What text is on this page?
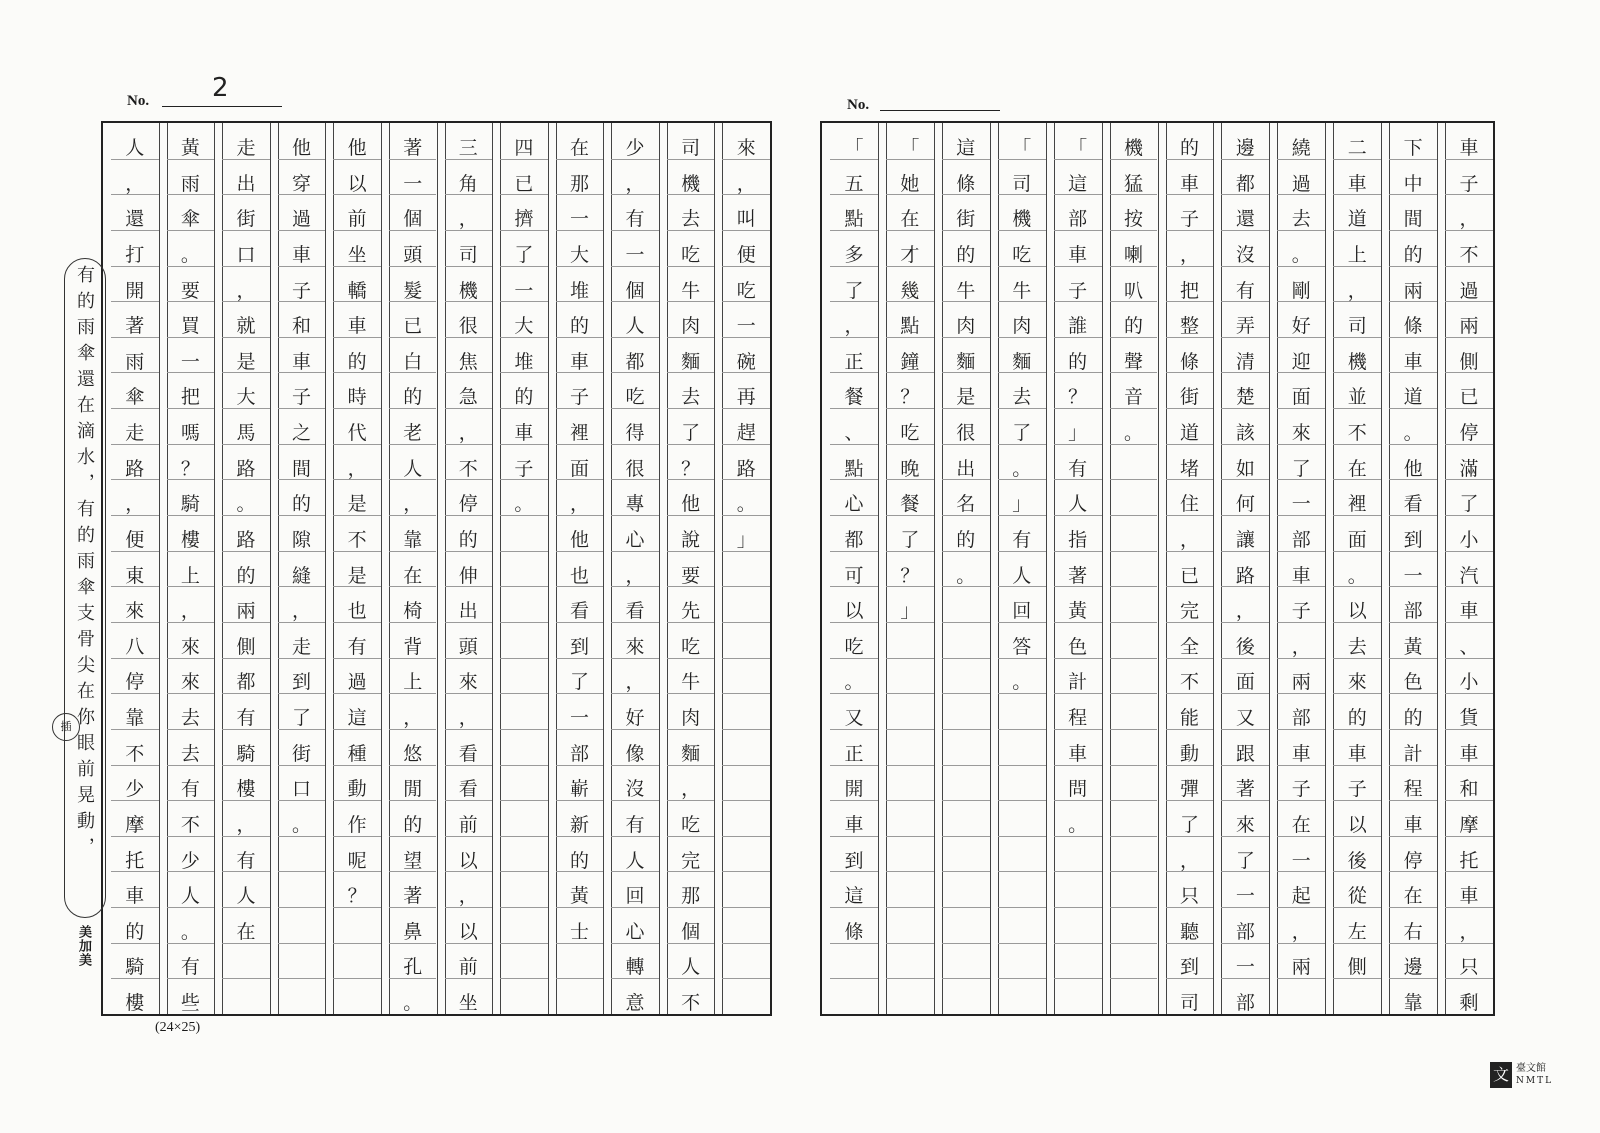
No. 2
來
，
叫
便
吃
一
碗
再
趕
路
。
」
司
機
去
吃
牛
肉
麵
去
了
？
他
說
要
先
吃
牛
肉
麵
，
吃
完
那
個
人
不
少
，
有
一
個
人
都
吃
得
很
專
心
，
看
來
，
好
像
沒
有
人
回
心
轉
意
在
那
一
大
堆
的
車
子
裡
面
，
他
也
看
到
了
一
部
嶄
新
的
黃
士
四
已
擠
了
一
大
堆
的
車
子
。
三
角
，
司
機
很
焦
急
，
不
停
的
伸
出
頭
來
，
看
看
前
以
，
以
前
坐
著
一
個
頭
髮
已
白
的
老
人
，
靠
在
椅
背
上
，
悠
閒
的
望
著
鼻
孔
。
他
以
前
坐
轎
車
的
時
代
，
是
不
是
也
有
過
這
種
動
作
呢
？
他
穿
過
車
子
和
車
子
之
間
的
隙
縫
，
走
到
了
街
口
。
走
出
街
口
，
就
是
大
馬
路
。
路
的
兩
側
都
有
騎
樓
，
有
人
在
黃
雨
傘
。
要
買
一
把
嗎
？
騎
樓
上
，
來
來
去
去
有
不
少
人
。
有
些
人
，
還
打
開
著
雨
傘
走
路
，
便
東
來
八
停
靠
不
少
摩
托
車
的
騎
樓
有的雨傘還在滴水，有的雨傘支骨尖在你眼前晃動，
插
美加美
(24×25)
No.
車
子
，
不
過
兩
側
已
停
滿
了
小
汽
車
、
小
貨
車
和
摩
托
車
，
只
剩
下
中
間
的
兩
條
車
道
。
他
看
到
一
部
黃
色
的
計
程
車
停
在
右
邊
靠
二
車
道
上
，
司
機
並
不
在
裡
面
。
以
去
來
的
車
子
以
後
從
左
側
繞
過
去
。
剛
好
迎
面
來
了
一
部
車
子
，
兩
部
車
子
在
一
起
，
兩
邊
都
還
沒
有
弄
清
楚
該
如
何
讓
路
，
後
面
又
跟
著
來
了
一
部
一
部
的
車
子
，
把
整
條
街
道
堵
住
，
已
完
全
不
能
動
彈
了
，
只
聽
到
司
機
猛
按
喇
叭
的
聲
音
。
「
這
部
車
子
誰
的
？
」
有
人
指
著
黃
色
計
程
車
問
。
「
司
機
吃
牛
肉
麵
去
了
。
」
有
人
回
答
。
這
條
街
的
牛
肉
麵
是
很
出
名
的
。
「
她
在
才
幾
點
鐘
？
吃
晚
餐
了
？
」
「
五
點
多
了
，
正
餐
、
點
心
都
可
以
吃
。
又
正
開
車
到
這
條
文 臺文館
NMTL
